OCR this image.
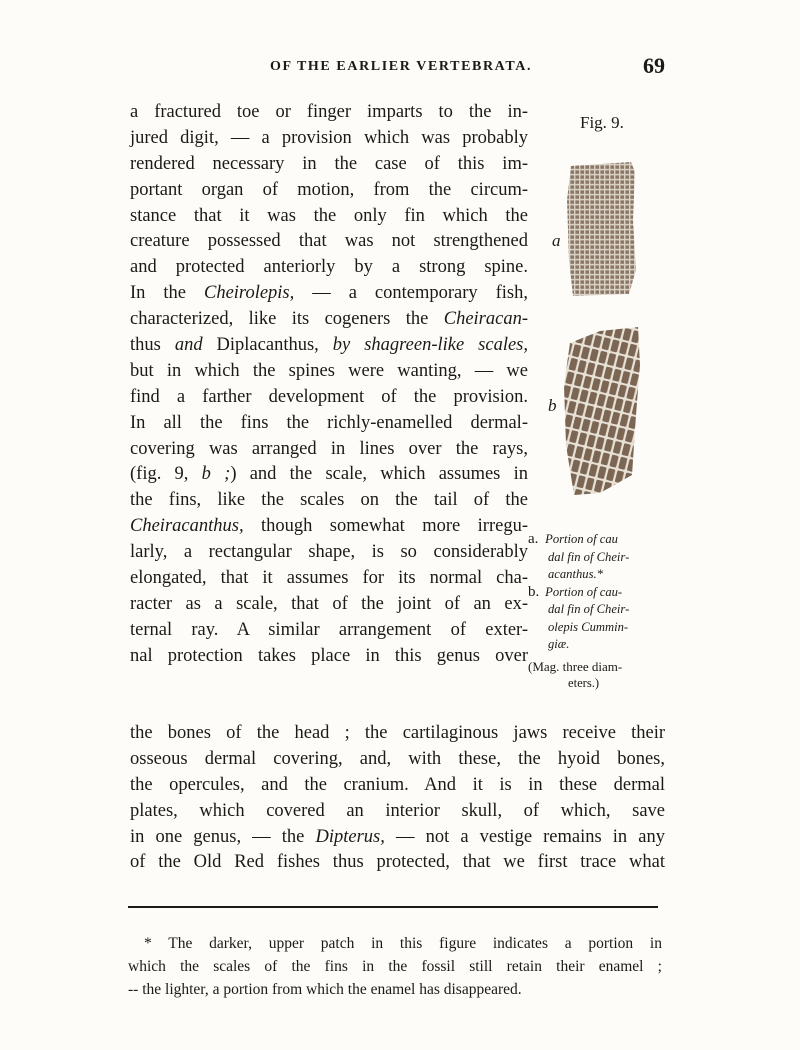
OF THE EARLIER VERTEBRATA.	69
a fractured toe or finger imparts to the in-
jured digit, — a provision which was probably
rendered necessary in the case of this im-
portant organ of motion, from the circum-
stance that it was the only fin which the
creature possessed that was not strengthened
and protected anteriorly by a strong spine.
In the Cheirolepis, — a contemporary fish,
characterized, like its cogeners the Cheiracan-
thus and Diplacanthus, by shagreen-like scales,
but in which the spines were wanting, — we
find a farther development of the provision.
In all the fins the richly-enamelled dermal-
covering was arranged in lines over the rays,
(fig. 9, b ;) and the scale, which assumes in
the fins, like the scales on the tail of the
Cheiracanthus, though somewhat more irregu-
larly, a rectangular shape, is so considerably
elongated, that it assumes for its normal cha-
racter as a scale, that of the joint of an ex-
ternal ray. A similar arrangement of exter-
nal protection takes place in this genus over
Fig. 9.
a
b
a. Portion of cau
dal fin of Cheir-
acanthus.*
b. Portion of cau-
dal fin of Cheir-
olepis Cummin-
giæ.
(Mag. three diam-
eters.)
the bones of the head ; the cartilaginous jaws receive their
osseous dermal covering, and, with these, the hyoid bones,
the opercules, and the cranium. And it is in these dermal
plates, which covered an interior skull, of which, save
in one genus, — the Dipterus, — not a vestige remains in any
of the Old Red fishes thus protected, that we first trace what
* The darker, upper patch in this figure indicates a portion in
which the scales of the fins in the fossil still retain their enamel ;
-- the lighter, a portion from which the enamel has disappeared.
